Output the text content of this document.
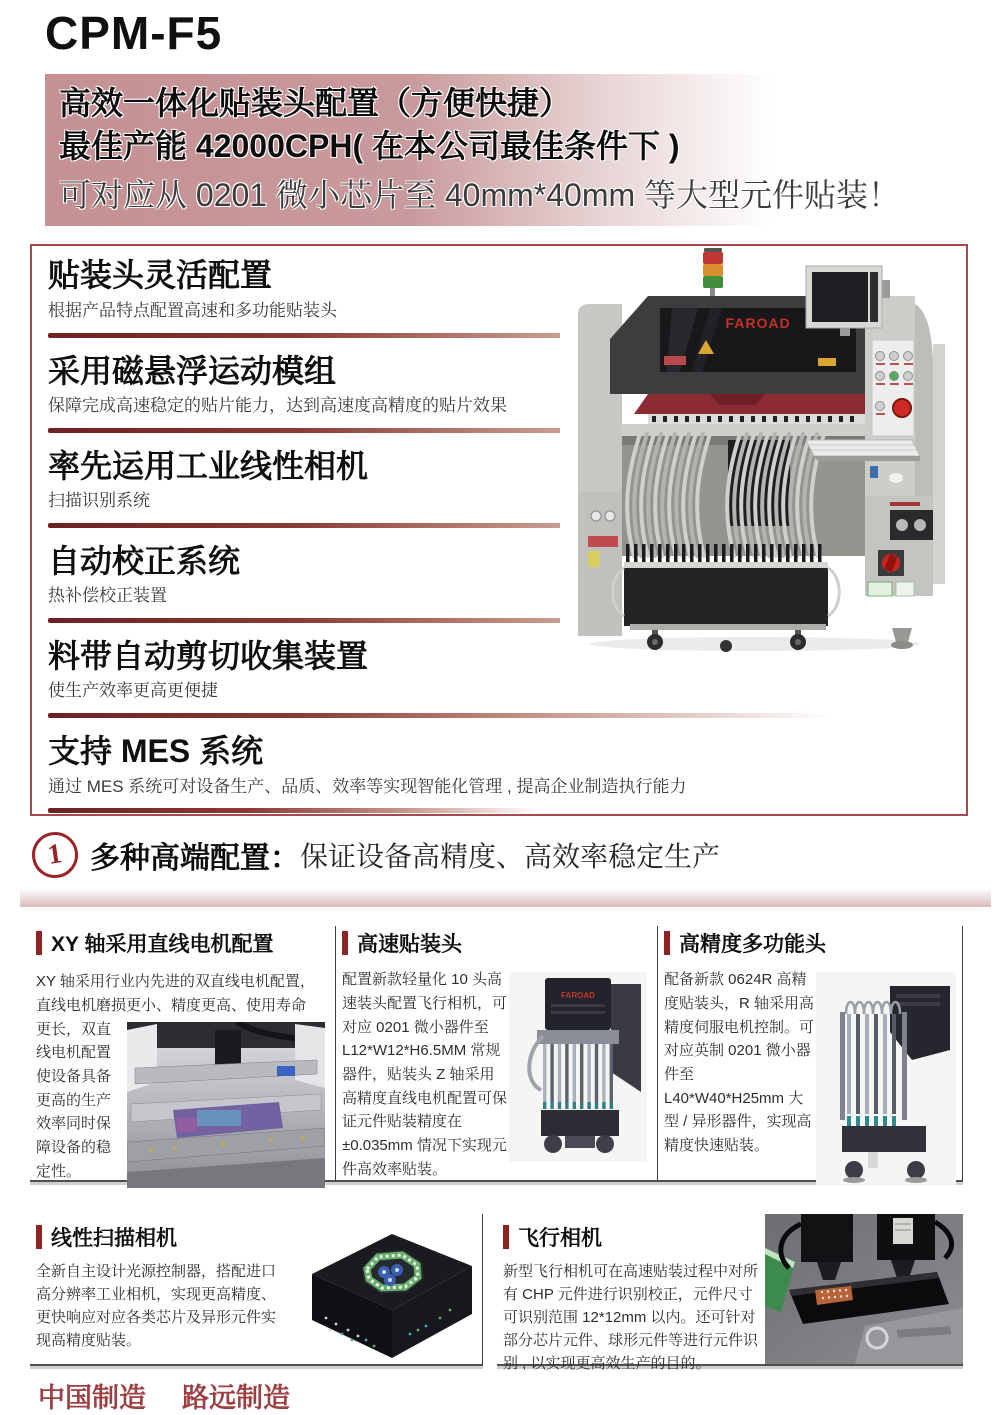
CPM-F5
高效一体化贴装头配置（方便快捷）
最佳产能 42000CPH( 在本公司最佳条件下 )
可对应从 0201 微小芯片至 40mm*40mm 等大型元件贴装！
贴装头灵活配置
根据产品特点配置高速和多功能贴装头
采用磁悬浮运动模组
保障完成高速稳定的贴片能力，达到高速度高精度的贴片效果
率先运用工业线性相机
扫描识别系统
自动校正系统
热补偿校正装置
料带自动剪切收集装置
使生产效率更高更便捷
支持 MES 系统
通过 MES 系统可对设备生产、品质、效率等实现智能化管理 , 提高企业制造执行能力
FAROAD
1 多种高端配置： 保证设备高精度、高效率稳定生产
XY 轴采用直线电机配置
XY 轴采用行业内先进的双直线电机配置，直线电机磨损更小、精度更高、使用寿命
更长，双直线电机配置使设备具备更高的生产效率同时保障设备的稳定性。
高速贴装头
配置新款轻量化 10 头高速装头配置飞行相机，可对应 0201 微小器件至 L12*W12*H6.5MM 常规器件，贴装头 Z 轴采用高精度直线电机配置可保证元件贴装精度在 ±0.035mm 情况下实现元件高效率贴装。
FAROAD
高精度多功能头
配备新款 0624R 高精度贴装头，R 轴采用高精度伺服电机控制。可对应英制 0201 微小器件至 L40*W40*H25mm 大型 / 异形器件，实现高精度快速贴装。
线性扫描相机
全新自主设计光源控制器，搭配进口高分辨率工业相机，实现更高精度、更快响应对应各类芯片及异形元件实现高精度贴装。
飞行相机
新型飞行相机可在高速贴装过程中对所有 CHP 元件进行识别校正，元件尺寸可识别范围 12*12mm 以内。还可针对部分芯片元件、球形元件等进行元件识别 , 以实现更高效生产的目的。
中国制造 路远制造
